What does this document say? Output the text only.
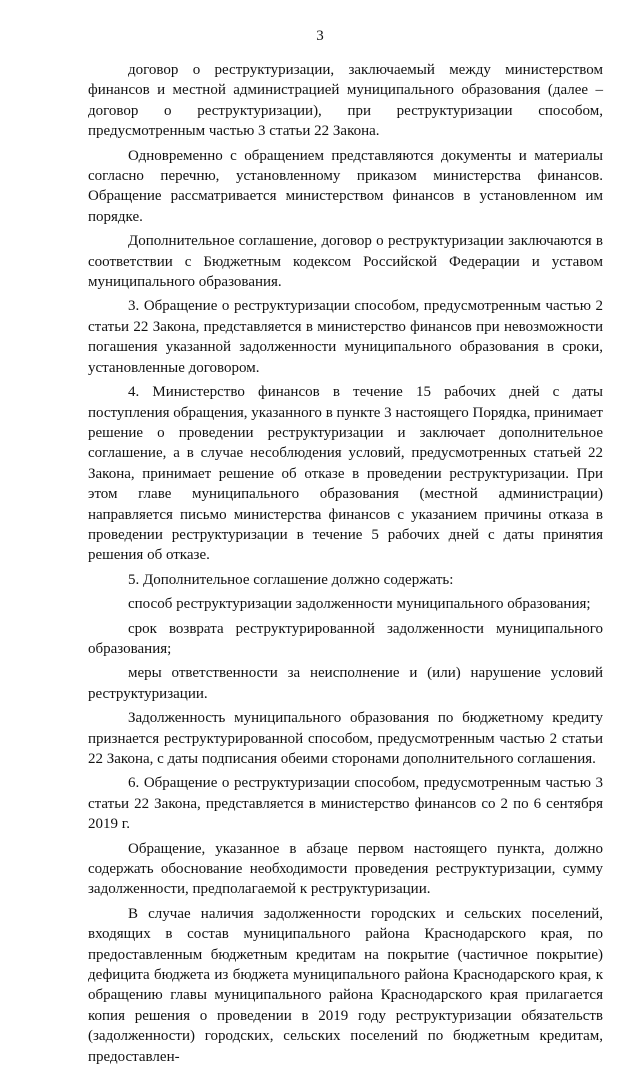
3

договор о реструктуризации, заключаемый между министерством финансов и местной администрацией муниципального образования (далее – договор о реструктуризации), при реструктуризации способом, предусмотренным частью 3 статьи 22 Закона.

Одновременно с обращением представляются документы и материалы согласно перечню, установленному приказом министерства финансов. Обращение рассматривается министерством финансов в установленном им порядке.

Дополнительное соглашение, договор о реструктуризации заключаются в соответствии с Бюджетным кодексом Российской Федерации и уставом муниципального образования.

3. Обращение о реструктуризации способом, предусмотренным частью 2 статьи 22 Закона, представляется в министерство финансов при невозможности погашения указанной задолженности муниципального образования в сроки, установленные договором.

4. Министерство финансов в течение 15 рабочих дней с даты поступления обращения, указанного в пункте 3 настоящего Порядка, принимает решение о проведении реструктуризации и заключает дополнительное соглашение, а в случае несоблюдения условий, предусмотренных статьей 22 Закона, принимает решение об отказе в проведении реструктуризации. При этом главе муниципального образования (местной администрации) направляется письмо министерства финансов с указанием причины отказа в проведении реструктуризации в течение 5 рабочих дней с даты принятия решения об отказе.

5. Дополнительное соглашение должно содержать:

способ реструктуризации задолженности муниципального образования;

срок возврата реструктурированной задолженности муниципального образования;

меры ответственности за неисполнение и (или) нарушение условий реструктуризации.

Задолженность муниципального образования по бюджетному кредиту признается реструктурированной способом, предусмотренным частью 2 статьи 22 Закона, с даты подписания обеими сторонами дополнительного соглашения.

6. Обращение о реструктуризации способом, предусмотренным частью 3 статьи 22 Закона, представляется в министерство финансов со 2 по 6 сентября 2019 г.

Обращение, указанное в абзаце первом настоящего пункта, должно содержать обоснование необходимости проведения реструктуризации, сумму задолженности, предполагаемой к реструктуризации.

В случае наличия задолженности городских и сельских поселений, входящих в состав муниципального района Краснодарского края, по предоставленным бюджетным кредитам на покрытие (частичное покрытие) дефицита бюджета из бюджета муниципального района Краснодарского края, к обращению главы муниципального района Краснодарского края прилагается копия решения о проведении в 2019 году реструктуризации обязательств (задолженности) городских, сельских поселений по бюджетным кредитам, предоставлен-
